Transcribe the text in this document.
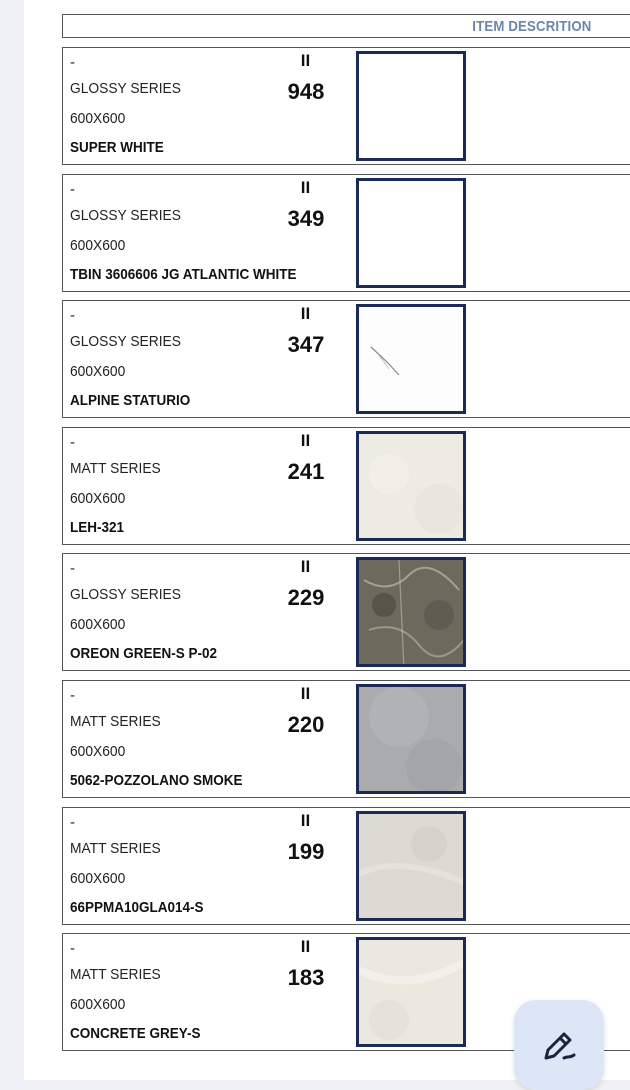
ITEM DESCRITION
-
GLOSSY SERIES
600X600
SUPER WHITE
II
948
-
GLOSSY SERIES
600X600
TBIN 3606606 JG ATLANTIC WHITE
II
349
-
GLOSSY SERIES
600X600
ALPINE STATURIO
II
347
-
MATT SERIES
600X600
LEH-321
II
241
-
GLOSSY SERIES
600X600
OREON GREEN-S P-02
II
229
-
MATT SERIES
600X600
5062-POZZOLANO SMOKE
II
220
-
MATT SERIES
600X600
66PPMA10GLA014-S
II
199
-
MATT SERIES
600X600
CONCRETE GREY-S
II
183
